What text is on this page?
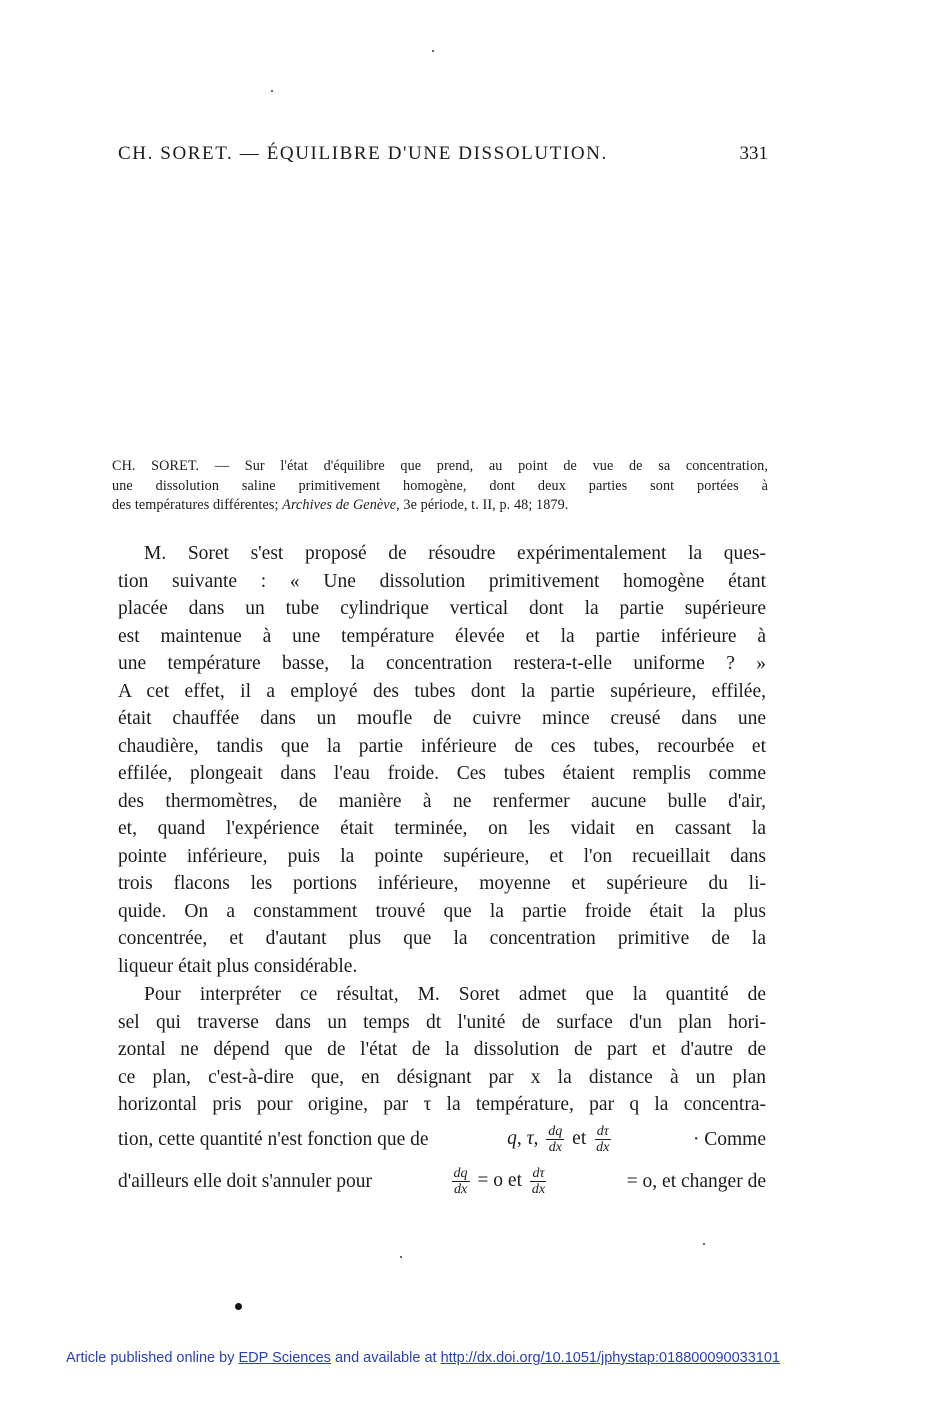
CH. SORET. — ÉQUILIBRE D'UNE DISSOLUTION.	331
CH. SORET. — Sur l'état d'équilibre que prend, au point de vue de sa concentration,
une dissolution saline primitivement homogène, dont deux parties sont portées à
des températures différentes; Archives de Genève, 3e période, t. II, p. 48; 1879.
M. Soret s'est proposé de résoudre expérimentalement la ques-
tion suivante : « Une dissolution primitivement homogène étant
placée dans un tube cylindrique vertical dont la partie supérieure
est maintenue à une température élevée et la partie inférieure à
une température basse, la concentration restera-t-elle uniforme ? »
A cet effet, il a employé des tubes dont la partie supérieure, effilée,
était chauffée dans un moufle de cuivre mince creusé dans une
chaudière, tandis que la partie inférieure de ces tubes, recourbée et
effilée, plongeait dans l'eau froide. Ces tubes étaient remplis comme
des thermomètres, de manière à ne renfermer aucune bulle d'air,
et, quand l'expérience était terminée, on les vidait en cassant la
pointe inférieure, puis la pointe supérieure, et l'on recueillait dans
trois flacons les portions inférieure, moyenne et supérieure du li-
quide. On a constamment trouvé que la partie froide était la plus
concentrée, et d'autant plus que la concentration primitive de la
liqueur était plus considérable.
Pour interpréter ce résultat, M. Soret admet que la quantité de
sel qui traverse dans un temps dt l'unité de surface d'un plan hori-
zontal ne dépend que de l'état de la dissolution de part et d'autre de
ce plan, c'est-à-dire que, en désignant par x la distance à un plan
horizontal pris pour origine, par τ la température, par q la concentra-
tion, cette quantité n'est fonction que de	q, τ, $\frac{dq}{dx}$ et $\frac{d\tau}{dx}$	· Comme
d'ailleurs elle doit s'annuler pour	$\frac{dq}{dx} = o$ et $\frac{d\tau}{dx}$	= o, et changer de
Article published online by EDP Sciences and available at http://dx.doi.org/10.1051/jphystap:018800090033101
